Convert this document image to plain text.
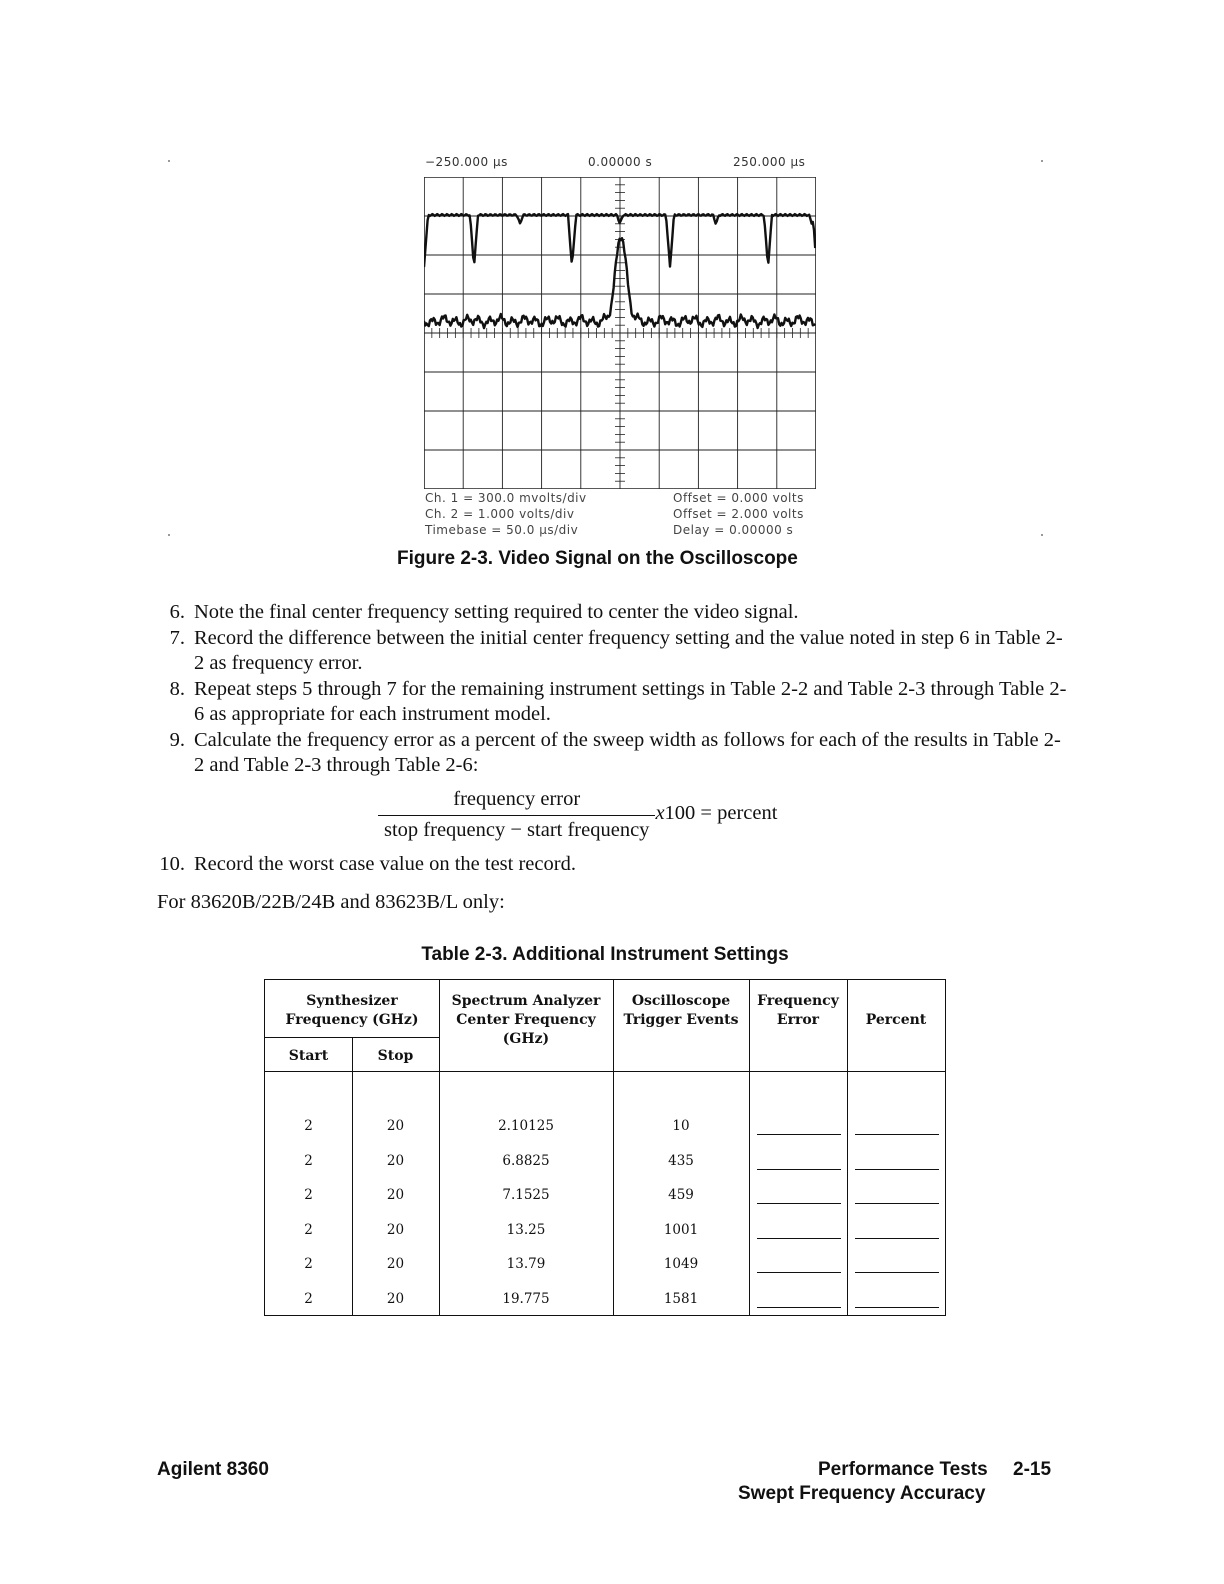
−250.000 µs	0.00000 s	250.000 µs
Ch. 1 = 300.0 mvolts/div
Ch. 2 = 1.000 volts/div
Timebase = 50.0 µs/div
Offset = 0.000 volts
Offset = 2.000 volts
Delay = 0.00000 s
Figure 2-3. Video Signal on the Oscilloscope
6. Note the final center frequency setting required to center the video signal.
7. Record the difference between the initial center frequency setting and the value noted in step 6 in Table 2-2 as frequency error.
8. Repeat steps 5 through 7 for the remaining instrument settings in Table 2-2 and Table 2-3 through Table 2-6 as appropriate for each instrument model.
9. Calculate the frequency error as a percent of the sweep width as follows for each of the results in Table 2-2 and Table 2-3 through Table 2-6:
$\frac{\text{frequency error}}{\text{stop frequency − start frequency}} x100$ = percent
10. Record the worst case value on the test record.
For 83620B/22B/24B and 83623B/L only:
Table 2-3. Additional Instrument Settings
Synthesizer
Frequency (GHz)
Start	Stop
Spectrum Analyzer
Center Frequency
(GHz)
Oscilloscope
Trigger Events
Frequency
Error	Percent
2	20	2.10125	10
2	20	6.8825	435
2	20	7.1525	459
2	20	13.25	1001
2	20	13.79	1049
2	20	19.775	1581
Agilent 8360	Performance Tests 2-15
Swept Frequency Accuracy
